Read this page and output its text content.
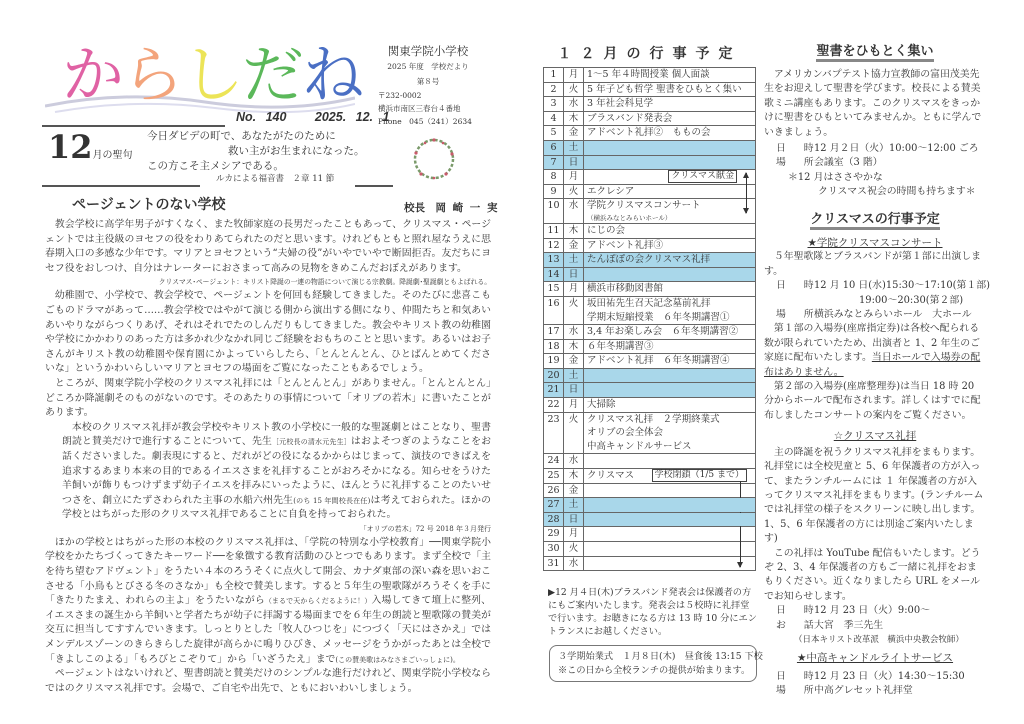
からしだね	関東学院小学校
2025 年度　学校だより
第８号
〒232-0002
横浜市南区三春台４番地
Phone　045（241）2634
No. 140 2025. 12. 1
12月の聖句
今日ダビデの町で、あなたがたのために
救い主がお生まれになった。
この方こそ主メシアである。
ルカによる福音書　２章 11 節
ページェントのない学校	校長　岡 崎 一 実

教会学校に高学年男子がすくなく、また牧師家庭の長男だったこともあって、クリスマス・ページェントでは主役級のヨセフの役をわりあてられたのだと思います。けれどもともと照れ屋なうえに思春期入口の多感な少年です。マリアとヨセフという“夫婦の役”がいやでいやで断固拒否。友だちにヨセフ役をおしつけ、自分はナレーターにおさまって高みの見物をきめこんだおぼえがあります。

クリスマス･ページェント：キリスト降誕の一連の物語について演じる宗教劇。降誕劇･聖誕劇ともよばれる。

幼稚園で、小学校で、教会学校で、ページェントを何回も経験してきました。そのたびに悲喜こもごものドラマがあって……教会学校ではやがて演じる側から演出する側になり、仲間たちと和気あいあいやりながらつくりあげ、それはそれでたのしんだりもしてきました。教会やキリスト教の幼稚園や学校にかかわりのあった方は多かれ少なかれ同じご経験をおもちのことと思います。あるいはお子さんがキリスト教の幼稚園や保育園にかよっていらしたら、「とんとんとん、ひとばんとめてくださいな」というかわいらしいマリアとヨセフの場面をご覧になったこともあるでしょう。

ところが、関東学院小学校のクリスマス礼拝には「とんとんとん」がありません。「とんとんとん」どころか降誕劇そのものがないのです。そのあたりの事情について「オリブの若木」に書いたことがあります。

本校のクリスマス礼拝が教会学校やキリスト教の小学校に一般的な聖誕劇とはことなり、聖書朗読と賛美だけで進行することについて、先生［元校長の清水元先生］はおよそつぎのようなことをお話くださいました。劇表現にすると、だれがどの役になるかからはじまって、演技のできばえを追求するあまり本来の目的であるイエスさまを礼拝することがおろそかになる。知らせをうけた羊飼いが飾りもつけずまず幼子イエスを拝みにいったように、ほんとうに礼拝することのたいせつさを、創立にたずさわられた主事の水船六州先生(のち 15 年間校長在任)は考えておられた。ほかの学校とはちがった形のクリスマス礼拝であることに自負を持っておられた。

「オリブの若木」72 号 2018 年３月発行

ほかの学校とはちがった形の本校のクリスマス礼拝は、「学院の特別な小学校教育」──関東学院小学校をかたちづくってきたキーワード──を象徴する教育活動のひとつでもあります。まず全校で「主を待ち望むアドヴェント」をうたい４本のろうそくに点火して開会、カナダ東部の深い森を思いおこさせる「小鳥もとびさる冬のさなか」も全校で賛美します。すると５年生の聖歌隊がろうそくを手に「きたりたまえ、われらの主よ」をうたいながら（まるで天からくだるように！）入場してきて壇上に整列、イエスさまの誕生から羊飼いと学者たちが幼子に拝謁する場面までを６年生の朗読と聖歌隊の賛美が交互に担当してすすんでいきます。しっとりとした「牧人ひつじを」につづく「天にはさかえ」ではメンデルスゾーンのきらきらした旋律が高らかに鳴りひびき、メッセージをうかがったあとは全校で「きよしこのよる」「もろびとこぞりて」から「いざうたえ」まで(この賛美歌はみなさまごいっしょに)。

ページェントはないけれど、聖書朗読と賛美だけのシンプルな進行だけれど、関東学院小学校ならではのクリスマス礼拝です。会場で、ご自宅や出先で、ともにおいわいしましょう。

１２月の行事予定
1	月	1〜5 年４時間授業 個人面談

2	火	5 年子ども哲学 聖書をひもとく集い

3	水	3 年社会科見学

4	木	ブラスバンド発表会

5	金	アドベント礼拝②　ももの会

6	土	

7	日	

8	月	クリスマス献金

9	火	エクレシア

10	水	学院クリスマスコンサート
（横浜みなとみらいホール）

11	木	にじの会

12	金	アドベント礼拝③

13	土	たんぽぽの会クリスマス礼拝

14	日	

15	月	横浜市移動図書館

16	火	坂田祐先生召天記念墓前礼拝
学期末短縮授業　６年冬期講習①

17	水	3,4 年お楽しみ会　６年冬期講習②

18	木	６年冬期講習③

19	金	アドベント礼拝　６年冬期講習④

20	土	

21	日	

22	月	大掃除

23	火	クリスマス礼拝　２学期終業式
オリブの会全体会
中高キャンドルサービス

24	水	

25	木	クリスマス 学校閉鎖（1/5 まで）

26	金	

27	土	

28	日	

29	月	

30	火	

31	水	

▶12 月４日(木)ブラスバンド発表会は保護者の方にもご案内いたします。発表会は５校時に礼拝堂で行います。お聴きになる方は 13 時 10 分にエントランスにお越しください。
３学期始業式　１月８日(木)　昼食後 13:15 下校
※この日から全校ランチの提供が始まります。
聖書をひもとく集い

アメリカンバプテスト協力宣教師の富田茂美先生をお迎えして聖書を学びます。校長による賛美歌ミニ講座もあります。このクリスマスをきっかけに聖書をひもといてみませんか。ともに学んでいきましょう。

日　時12 月２日（火）10:00〜12:00 ごろ
場　所会議室（3 階）
＊12 月はささやかな
クリスマス祝会の時間も持ちます＊
クリスマスの行事予定
★学院クリスマスコンサート

５年聖歌隊とブラスバンドが第１部に出演します。

日　時12 月 10 日(水)15:30〜17:10(第１部)
19:00〜20:30(第２部)
場　所横浜みなとみらいホール　大ホール

第１部の入場券(座席指定券)は各校へ配られる数が限られていたため、出演者と 1、2 年生のご家庭に配布いたします。当日ホールで入場券の配布はありません。

第２部の入場券(座席整理券)は当日 18 時 20 分からホールで配布されます。詳しくはすでに配布しましたコンサートの案内をご覧ください。

☆クリスマス礼拝

主の降誕を祝うクリスマス礼拝をまもります。礼拝堂には全校児童と 5、6 年保護者の方が入って、またランチルームには １ 年保護者の方が入ってクリスマス礼拝をまもります。(ランチルームでは礼拝堂の様子をスクリーンに映し出します。1、5、6 年保護者の方には別途ご案内いたします)

この礼拝は YouTube 配信もいたします。どうぞ 2、3、4 年保護者の方もご一緒に礼拝をおまもりください。近くなりましたら URL をメールでお知らせします。

日　時12 月 23 日（火）9:00〜
お　話大宮　季三先生
（日本キリスト改革派　横浜中央教会牧師）
★中高キャンドルライトサービス
日　時12 月 23 日（火）14:30〜15:30
場　所中高グレセット礼拝堂
